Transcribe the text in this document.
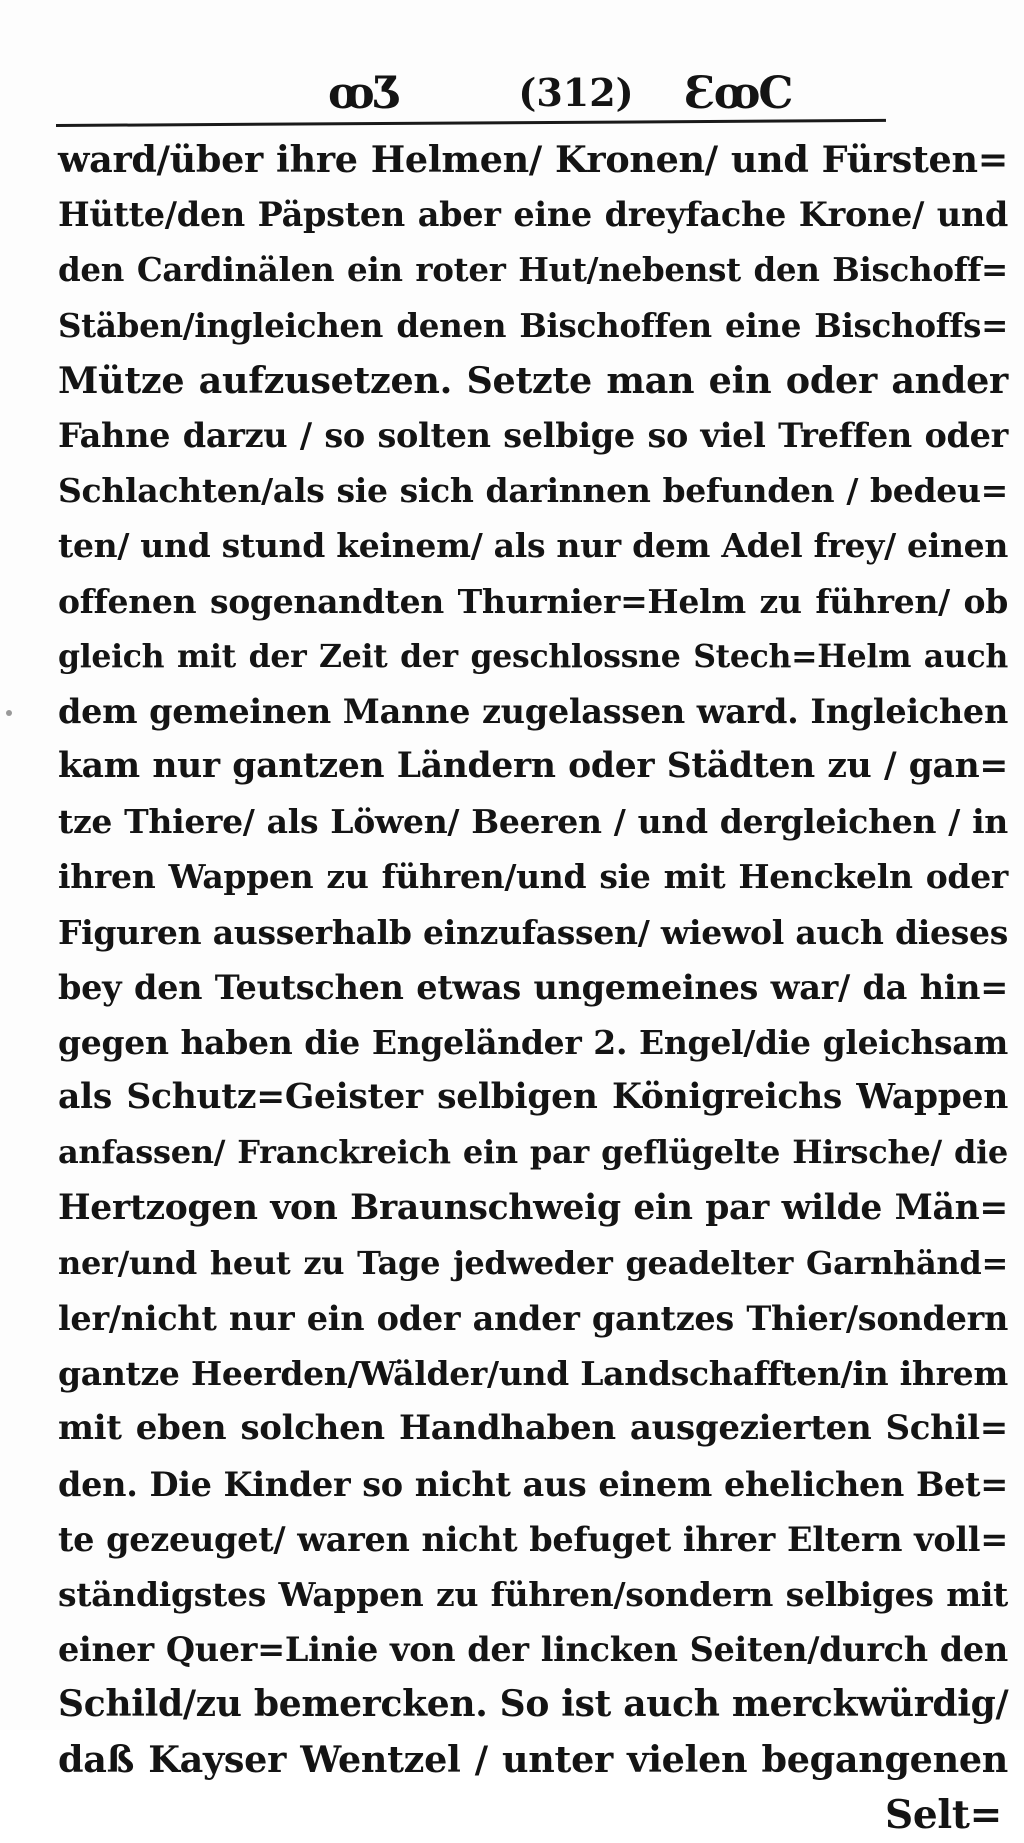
ꝏƷ	(312)	ƐꝏC
ward/über ihre Helmen/ Kronen/ und Fürsten=
Hütte/den Päpsten aber eine dreyfache Krone/ und
den Cardinälen ein roter Hut/nebenst den Bischoff=
Stäben/ingleichen denen Bischoffen eine Bischoffs=
Mütze aufzusetzen. Setzte man ein oder ander
Fahne darzu / so solten selbige so viel Treffen oder
Schlachten/als sie sich darinnen befunden / bedeu=
ten/ und stund keinem/ als nur dem Adel frey/ einen
offenen sogenandten Thurnier=Helm zu führen/ ob
gleich mit der Zeit der geschlossne Stech=Helm auch
dem gemeinen Manne zugelassen ward. Ingleichen
kam nur gantzen Ländern oder Städten zu / gan=
tze Thiere/ als Löwen/ Beeren / und dergleichen / in
ihren Wappen zu führen/und sie mit Henckeln oder
Figuren ausserhalb einzufassen/ wiewol auch dieses
bey den Teutschen etwas ungemeines war/ da hin=
gegen haben die Engeländer 2. Engel/die gleichsam
als Schutz=Geister selbigen Königreichs Wappen
anfassen/ Franckreich ein par geflügelte Hirsche/ die
Hertzogen von Braunschweig ein par wilde Män=
ner/und heut zu Tage jedweder geadelter Garnhänd=
ler/nicht nur ein oder ander gantzes Thier/sondern
gantze Heerden/Wälder/und Landschafften/in ihrem
mit eben solchen Handhaben ausgezierten Schil=
den. Die Kinder so nicht aus einem ehelichen Bet=
te gezeuget/ waren nicht befuget ihrer Eltern voll=
ständigstes Wappen zu führen/sondern selbiges mit
einer Quer=Linie von der lincken Seiten/durch den
Schild/zu bemercken. So ist auch merckwürdig/
daß Kayser Wentzel / unter vielen begangenen
Selt=
